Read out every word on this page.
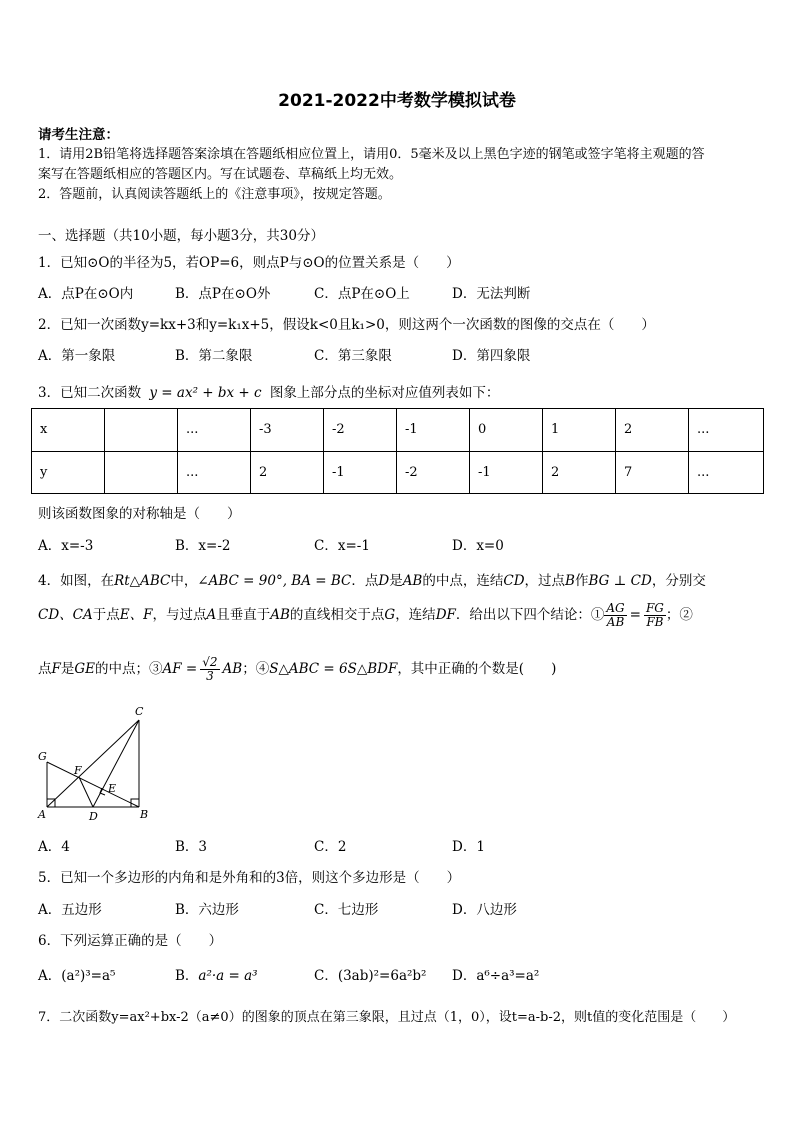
2021-2022中考数学模拟试卷
请考生注意：
1．请用2B铅笔将选择题答案涂填在答题纸相应位置上，请用0．5毫米及以上黑色字迹的钢笔或签字笔将主观题的答
案写在答题纸相应的答题区内。写在试题卷、草稿纸上均无效。
2．答题前，认真阅读答题纸上的《注意事项》，按规定答题。
一、选择题（共10小题，每小题3分，共30分）
1．已知⊙O的半径为5，若OP=6，则点P与⊙O的位置关系是（　　）
A．点P在⊙O内	B．点P在⊙O外	C．点P在⊙O上	D．无法判断
2．已知一次函数y=kx+3和y=k₁x+5，假设k<0且k₁>0，则这两个一次函数的图像的交点在（　　）
A．第一象限	B．第二象限	C．第三象限	D．第四象限
3．已知二次函数 y = ax² + bx + c 图象上部分点的坐标对应值列表如下：
x		...	-3	-2	-1	0	1	2	...
y		...	2	-1	-2	-1	2	7	...
则该函数图象的对称轴是（　　）
A．x=-3	B．x=-2	C．x=-1	D．x=0
4．如图，在Rt△ABC中，∠ABC = 90°, BA = BC．点D是AB的中点，连结CD，过点B作BG ⊥ CD，分别交
CD、CA于点E、F，与过点A且垂直于AB的直线相交于点G，连结DF．给出以下四个结论：① $\frac{AG}{AB} = \frac{FG}{FB}$ ；②
点F是GE的中点；③AF = $\frac{√2}{3}$ AB；④S△ABC = 6S△BDF，其中正确的个数是(　　)
C
G
F
E
A	D	B
A．4	B．3	C．2	D．1
5．已知一个多边形的内角和是外角和的3倍，则这个多边形是（　　）
A．五边形	B．六边形	C．七边形	D．八边形
6．下列运算正确的是（　　）
A．(a²)³=a⁵	B．a²·a = a³	C．(3ab)²=6a²b² D．a⁶÷a³=a²
7．二次函数y=ax²+bx-2（a≠0）的图象的顶点在第三象限，且过点（1，0），设t=a-b-2，则t值的变化范围是（　　）
